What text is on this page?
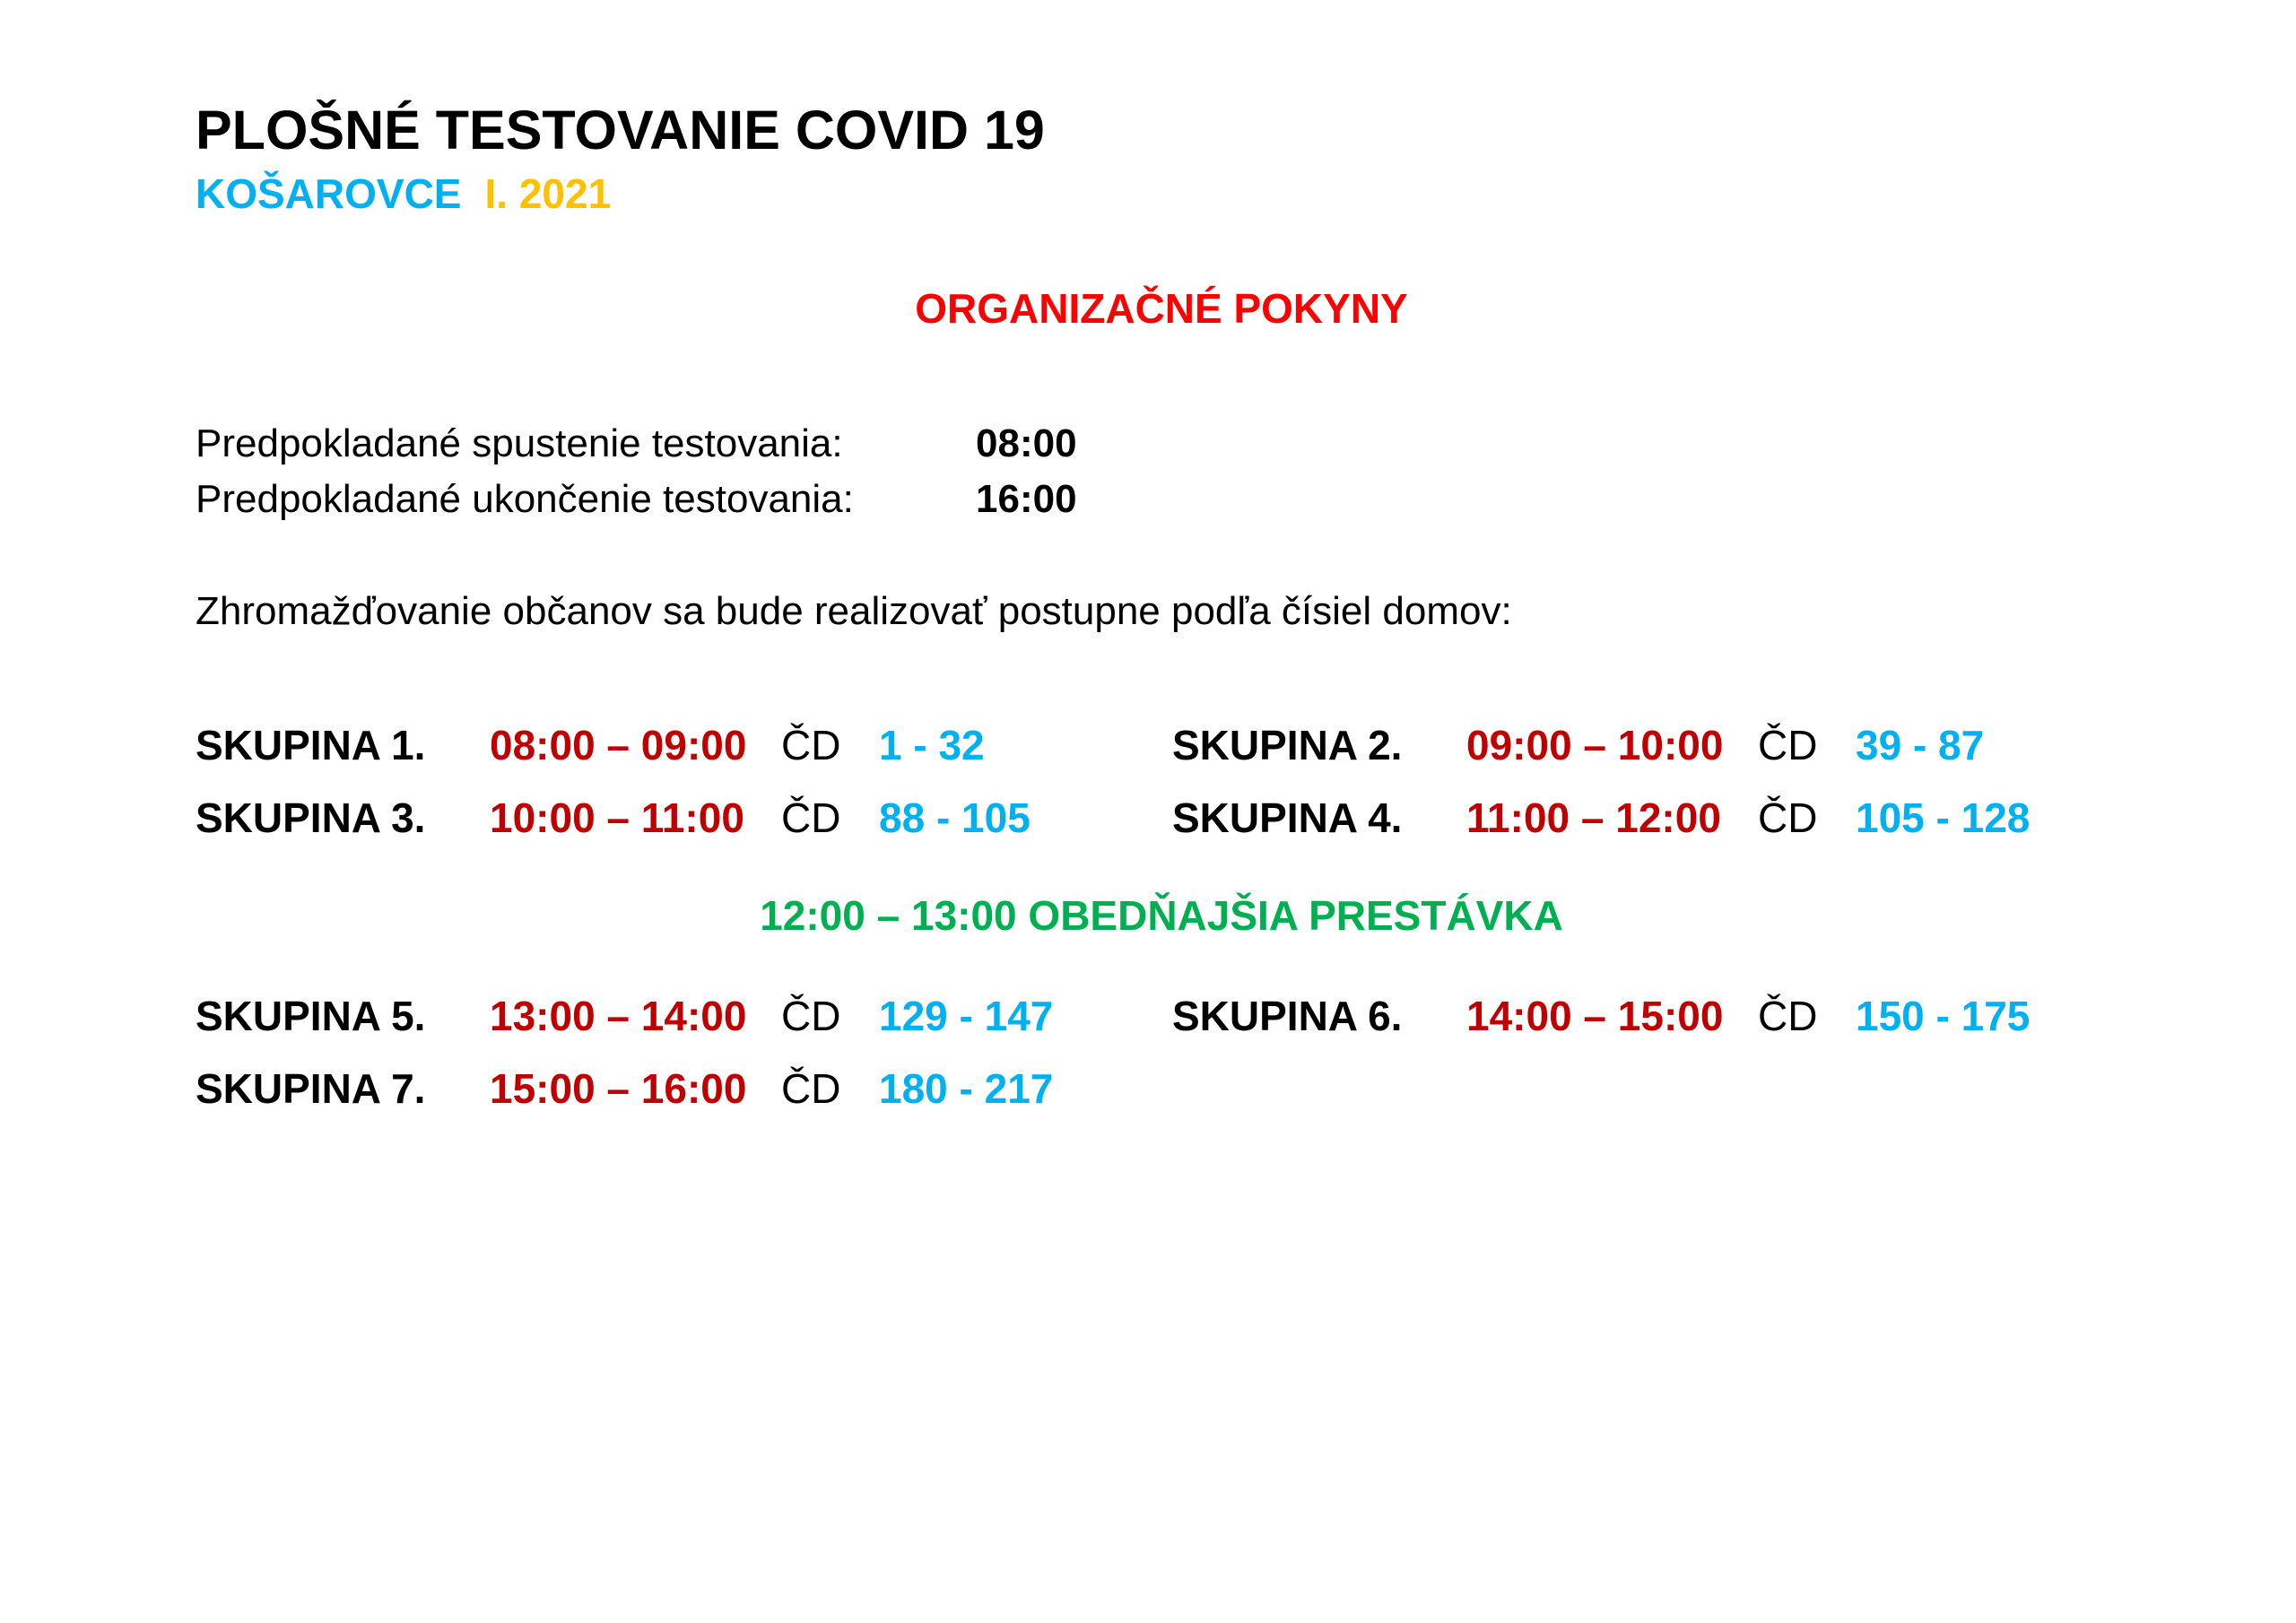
PLOŠNÉ TESTOVANIE COVID 19
KOŠAROVCE I. 2021
ORGANIZAČNÉ POKYNY
Predpokladané spustenie testovania:	08:00
Predpokladané ukončenie testovania:	16:00
Zhromažďovanie občanov sa bude realizovať postupne podľa čísiel domov:
SKUPINA 1. 08:00 – 09:00 ČD 1 - 32	SKUPINA 2. 09:00 – 10:00 ČD 39 - 87
SKUPINA 3. 10:00 – 11:00 ČD 88 - 105	SKUPINA 4. 11:00 – 12:00 ČD 105 - 128
12:00 – 13:00 OBEDŇAJŠIA PRESTÁVKA
SKUPINA 5. 13:00 – 14:00 ČD 129 - 147	SKUPINA 6. 14:00 – 15:00 ČD 150 - 175
SKUPINA 7. 15:00 – 16:00 ČD 180 - 217
